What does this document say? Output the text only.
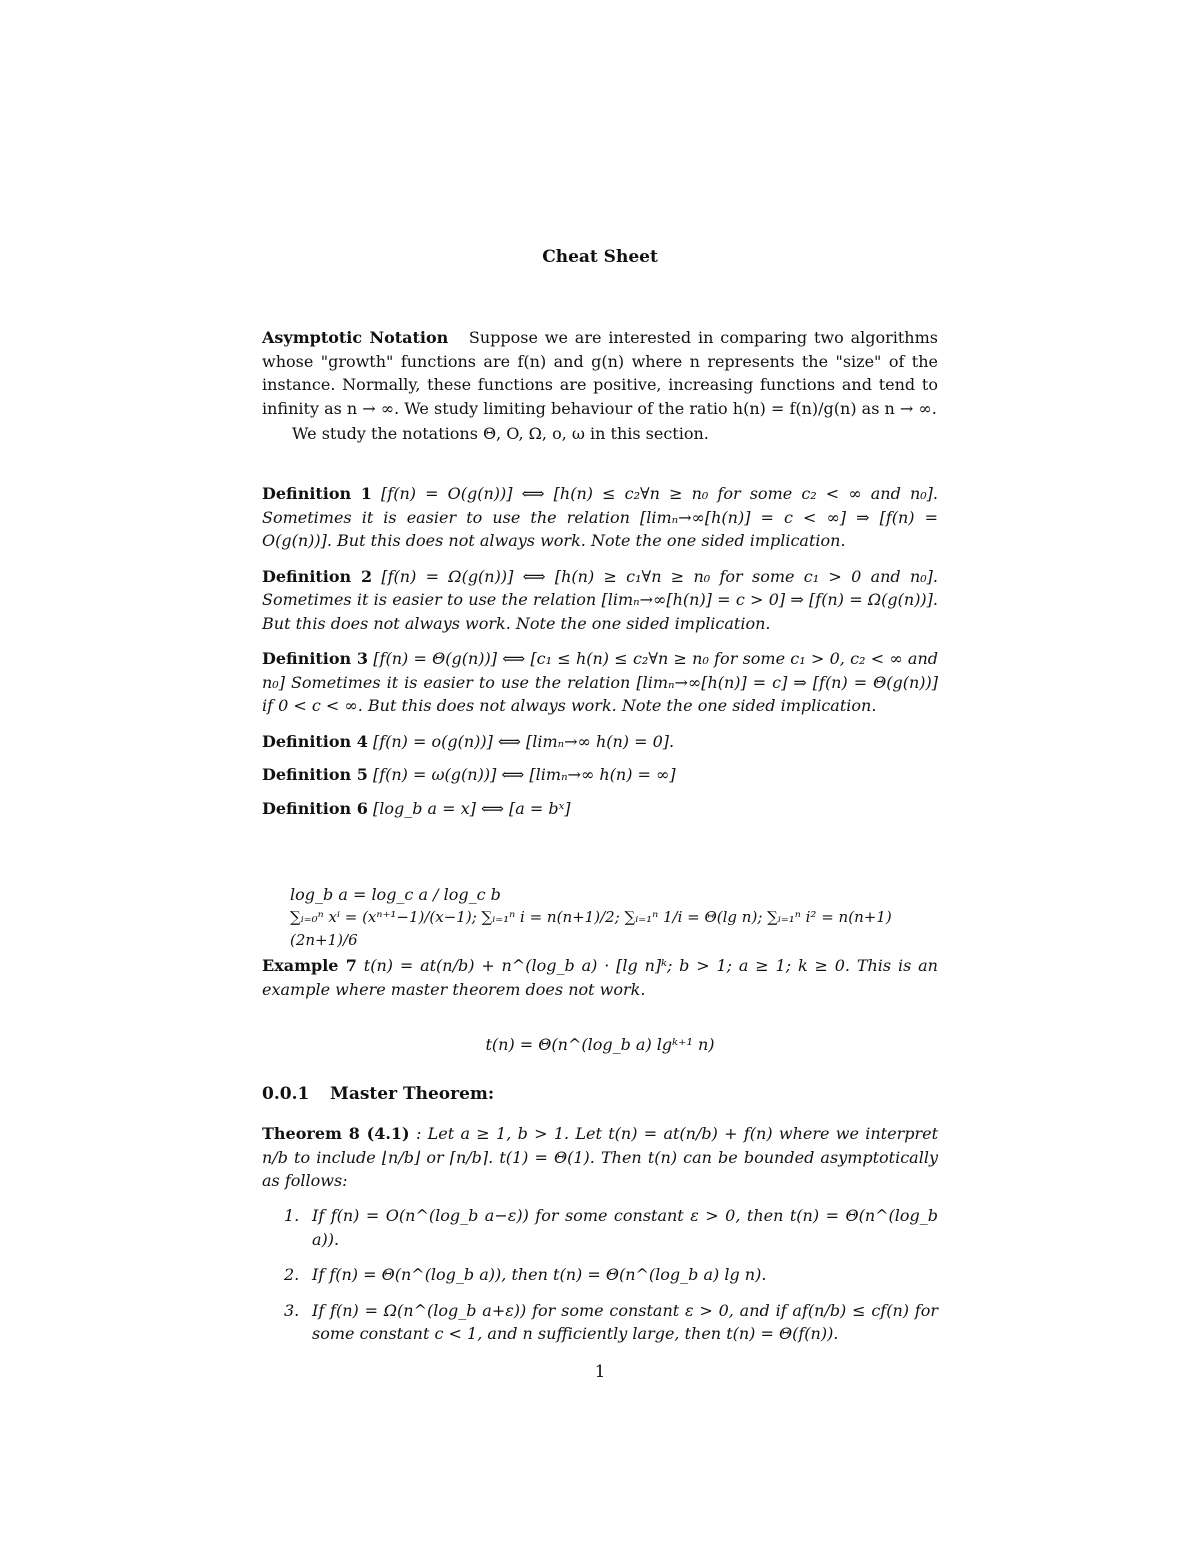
Cheat Sheet

Asymptotic Notation Suppose we are interested in comparing two algorithms whose "growth" functions are f(n) and g(n) where n represents the "size" of the instance. Normally, these functions are positive, increasing functions and tend to infinity as n → ∞. We study limiting behaviour of the ratio h(n) = f(n)/g(n) as n → ∞.

We study the notations Θ, O, Ω, o, ω in this section.

Definition 1 [f(n) = O(g(n))] ⟺ [h(n) ≤ c₂∀n ≥ n₀ for some c₂ < ∞ and n₀]. Sometimes it is easier to use the relation [limₙ→∞[h(n)] = c < ∞] ⇒ [f(n) = O(g(n))]. But this does not always work. Note the one sided implication.

Definition 2 [f(n) = Ω(g(n))] ⟺ [h(n) ≥ c₁∀n ≥ n₀ for some c₁ > 0 and n₀]. Sometimes it is easier to use the relation [limₙ→∞[h(n)] = c > 0] ⇒ [f(n) = Ω(g(n))]. But this does not always work. Note the one sided implication.

Definition 3 [f(n) = Θ(g(n))] ⟺ [c₁ ≤ h(n) ≤ c₂∀n ≥ n₀ for some c₁ > 0, c₂ < ∞ and n₀] Sometimes it is easier to use the relation [limₙ→∞[h(n)] = c] ⇒ [f(n) = Θ(g(n))] if 0 < c < ∞. But this does not always work. Note the one sided implication.

Definition 4 [f(n) = o(g(n))] ⟺ [limₙ→∞ h(n) = 0].

Definition 5 [f(n) = ω(g(n))] ⟺ [limₙ→∞ h(n) = ∞]

Definition 6 [log_b a = x] ⟺ [a = bˣ]

log_b a = log_c a / log_c b
∑ᵢ₌₀ⁿ xⁱ = (xⁿ⁺¹−1)/(x−1); ∑ᵢ₌₁ⁿ i = n(n+1)/2; ∑ᵢ₌₁ⁿ 1/i = Θ(lg n); ∑ᵢ₌₁ⁿ i² = n(n+1)(2n+1)/6

Example 7 t(n) = at(n/b) + n^(log_b a) · [lg n]ᵏ; b > 1; a ≥ 1; k ≥ 0. This is an example where master theorem does not work.

t(n) = Θ(n^(log_b a) lgᵏ⁺¹ n)
0.0.1 Master Theorem:

Theorem 8 (4.1) : Let a ≥ 1, b > 1. Let t(n) = at(n/b) + f(n) where we interpret n/b to include ⌊n/b⌋ or ⌈n/b⌉. t(1) = Θ(1). Then t(n) can be bounded asymptotically as follows:

1. If f(n) = O(n^(log_b a−ε)) for some constant ε > 0, then t(n) = Θ(n^(log_b a)).
2. If f(n) = Θ(n^(log_b a)), then t(n) = Θ(n^(log_b a) lg n).
3. If f(n) = Ω(n^(log_b a+ε)) for some constant ε > 0, and if af(n/b) ≤ cf(n) for some constant c < 1, and n sufficiently large, then t(n) = Θ(f(n)).
1
